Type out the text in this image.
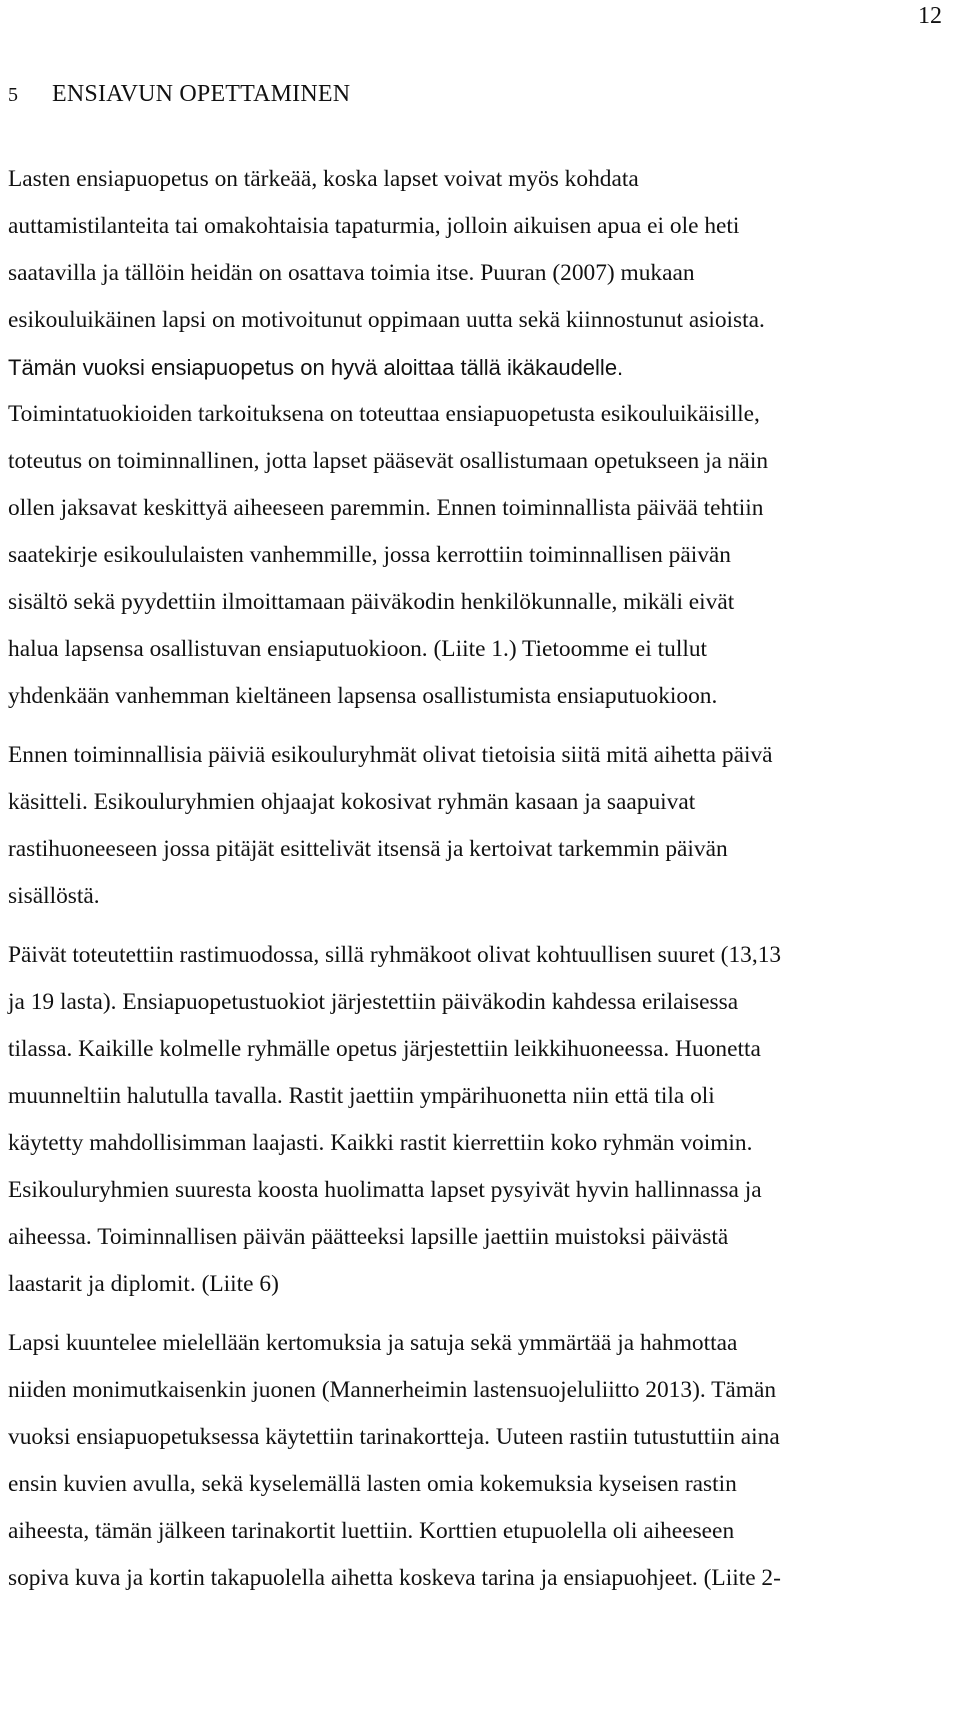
12
5 ENSIAVUN OPETTAMINEN
Lasten ensiapuopetus on tärkeää, koska lapset voivat myös kohdata
auttamistilanteita tai omakohtaisia tapaturmia, jolloin aikuisen apua ei ole heti
saatavilla ja tällöin heidän on osattava toimia itse. Puuran (2007) mukaan
esikouluikäinen lapsi on motivoitunut oppimaan uutta sekä kiinnostunut asioista.
Tämän vuoksi ensiapuopetus on hyvä aloittaa tällä ikäkaudelle.
Toimintatuokioiden tarkoituksena on toteuttaa ensiapuopetusta esikouluikäisille,
toteutus on toiminnallinen, jotta lapset pääsevät osallistumaan opetukseen ja näin
ollen jaksavat keskittyä aiheeseen paremmin. Ennen toiminnallista päivää tehtiin
saatekirje esikoululaisten vanhemmille, jossa kerrottiin toiminnallisen päivän
sisältö sekä pyydettiin ilmoittamaan päiväkodin henkilökunnalle, mikäli eivät
halua lapsensa osallistuvan ensiaputuokioon. (Liite 1.) Tietoomme ei tullut
yhdenkään vanhemman kieltäneen lapsensa osallistumista ensiaputuokioon.
Ennen toiminnallisia päiviä esikouluryhmät olivat tietoisia siitä mitä aihetta päivä
käsitteli. Esikouluryhmien ohjaajat kokosivat ryhmän kasaan ja saapuivat
rastihuoneeseen jossa pitäjät esittelivät itsensä ja kertoivat tarkemmin päivän
sisällöstä.
Päivät toteutettiin rastimuodossa, sillä ryhmäkoot olivat kohtuullisen suuret (13,13
ja 19 lasta). Ensiapuopetustuokiot järjestettiin päiväkodin kahdessa erilaisessa
tilassa. Kaikille kolmelle ryhmälle opetus järjestettiin leikkihuoneessa. Huonetta
muunneltiin halutulla tavalla. Rastit jaettiin ympärihuonetta niin että tila oli
käytetty mahdollisimman laajasti. Kaikki rastit kierrettiin koko ryhmän voimin.
Esikouluryhmien suuresta koosta huolimatta lapset pysyivät hyvin hallinnassa ja
aiheessa. Toiminnallisen päivän päätteeksi lapsille jaettiin muistoksi päivästä
laastarit ja diplomit. (Liite 6)
Lapsi kuuntelee mielellään kertomuksia ja satuja sekä ymmärtää ja hahmottaa
niiden monimutkaisenkin juonen (Mannerheimin lastensuojeluliitto 2013). Tämän
vuoksi ensiapuopetuksessa käytettiin tarinakortteja. Uuteen rastiin tutustuttiin aina
ensin kuvien avulla, sekä kyselemällä lasten omia kokemuksia kyseisen rastin
aiheesta, tämän jälkeen tarinakortit luettiin. Korttien etupuolella oli aiheeseen
sopiva kuva ja kortin takapuolella aihetta koskeva tarina ja ensiapuohjeet. (Liite 2-
